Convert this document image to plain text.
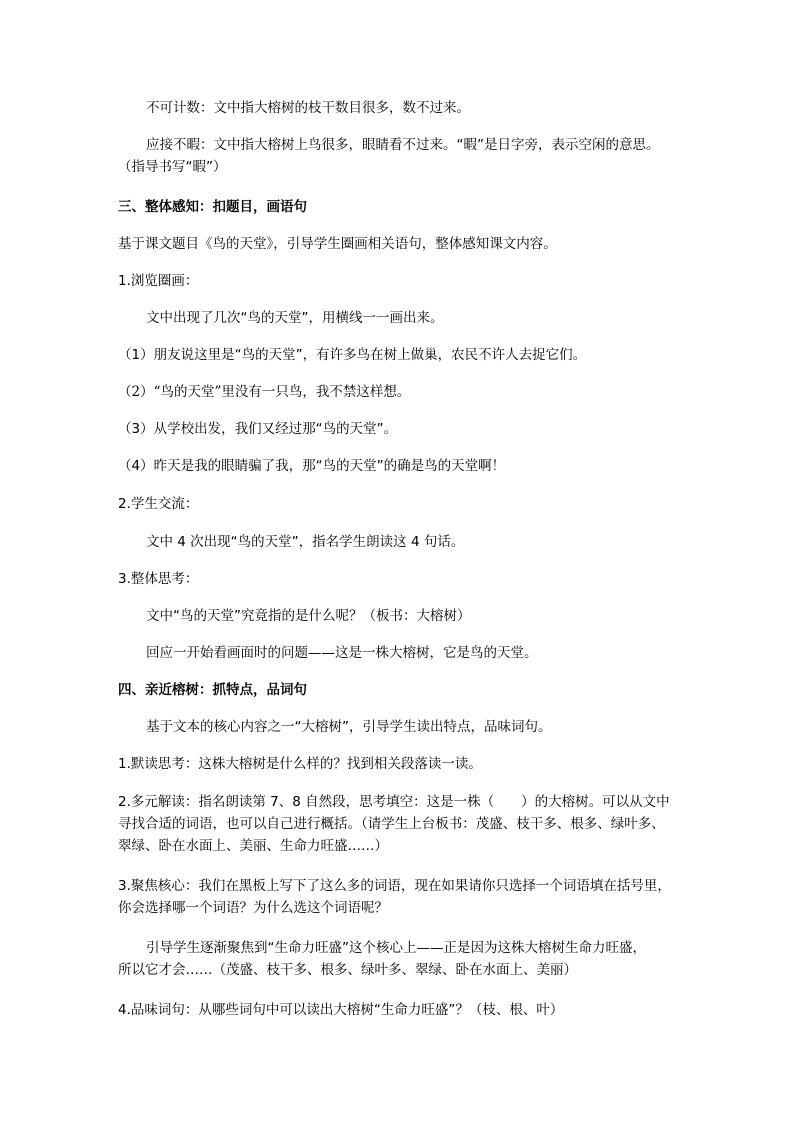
不可计数：文中指大榕树的枝干数目很多，数不过来。
应接不暇：文中指大榕树上鸟很多，眼睛看不过来。“暇”是日字旁，表示空闲的意思。
（指导书写“暇”）
三、整体感知：扣题目，画语句
基于课文题目《鸟的天堂》，引导学生圈画相关语句，整体感知课文内容。
1.浏览圈画：
文中出现了几次“鸟的天堂”，用横线一一画出来。
（1）朋友说这里是“鸟的天堂”，有许多鸟在树上做巢，农民不许人去捉它们。
（2）“鸟的天堂”里没有一只鸟，我不禁这样想。
（3）从学校出发，我们又经过那“鸟的天堂”。
（4）昨天是我的眼睛骗了我，那“鸟的天堂”的确是鸟的天堂啊！
2.学生交流：
文中 4 次出现“鸟的天堂”，指名学生朗读这 4 句话。
3.整体思考：
文中“鸟的天堂”究竟指的是什么呢？（板书：大榕树）
回应一开始看画面时的问题——这是一株大榕树，它是鸟的天堂。
四、亲近榕树：抓特点，品词句
基于文本的核心内容之一“大榕树”，引导学生读出特点，品味词句。
1.默读思考：这株大榕树是什么样的？找到相关段落读一读。
2.多元解读：指名朗读第 7、8 自然段，思考填空：这是一株（　　）的大榕树。可以从文中
寻找合适的词语，也可以自己进行概括。（请学生上台板书：茂盛、枝干多、根多、绿叶多、
翠绿、卧在水面上、美丽、生命力旺盛……）
3.聚焦核心：我们在黑板上写下了这么多的词语，现在如果请你只选择一个词语填在括号里，
你会选择哪一个词语？为什么选这个词语呢？
引导学生逐渐聚焦到“生命力旺盛”这个核心上——正是因为这株大榕树生命力旺盛，
所以它才会……（茂盛、枝干多、根多、绿叶多、翠绿、卧在水面上、美丽）
4.品味词句：从哪些词句中可以读出大榕树“生命力旺盛”？（枝、根、叶）
